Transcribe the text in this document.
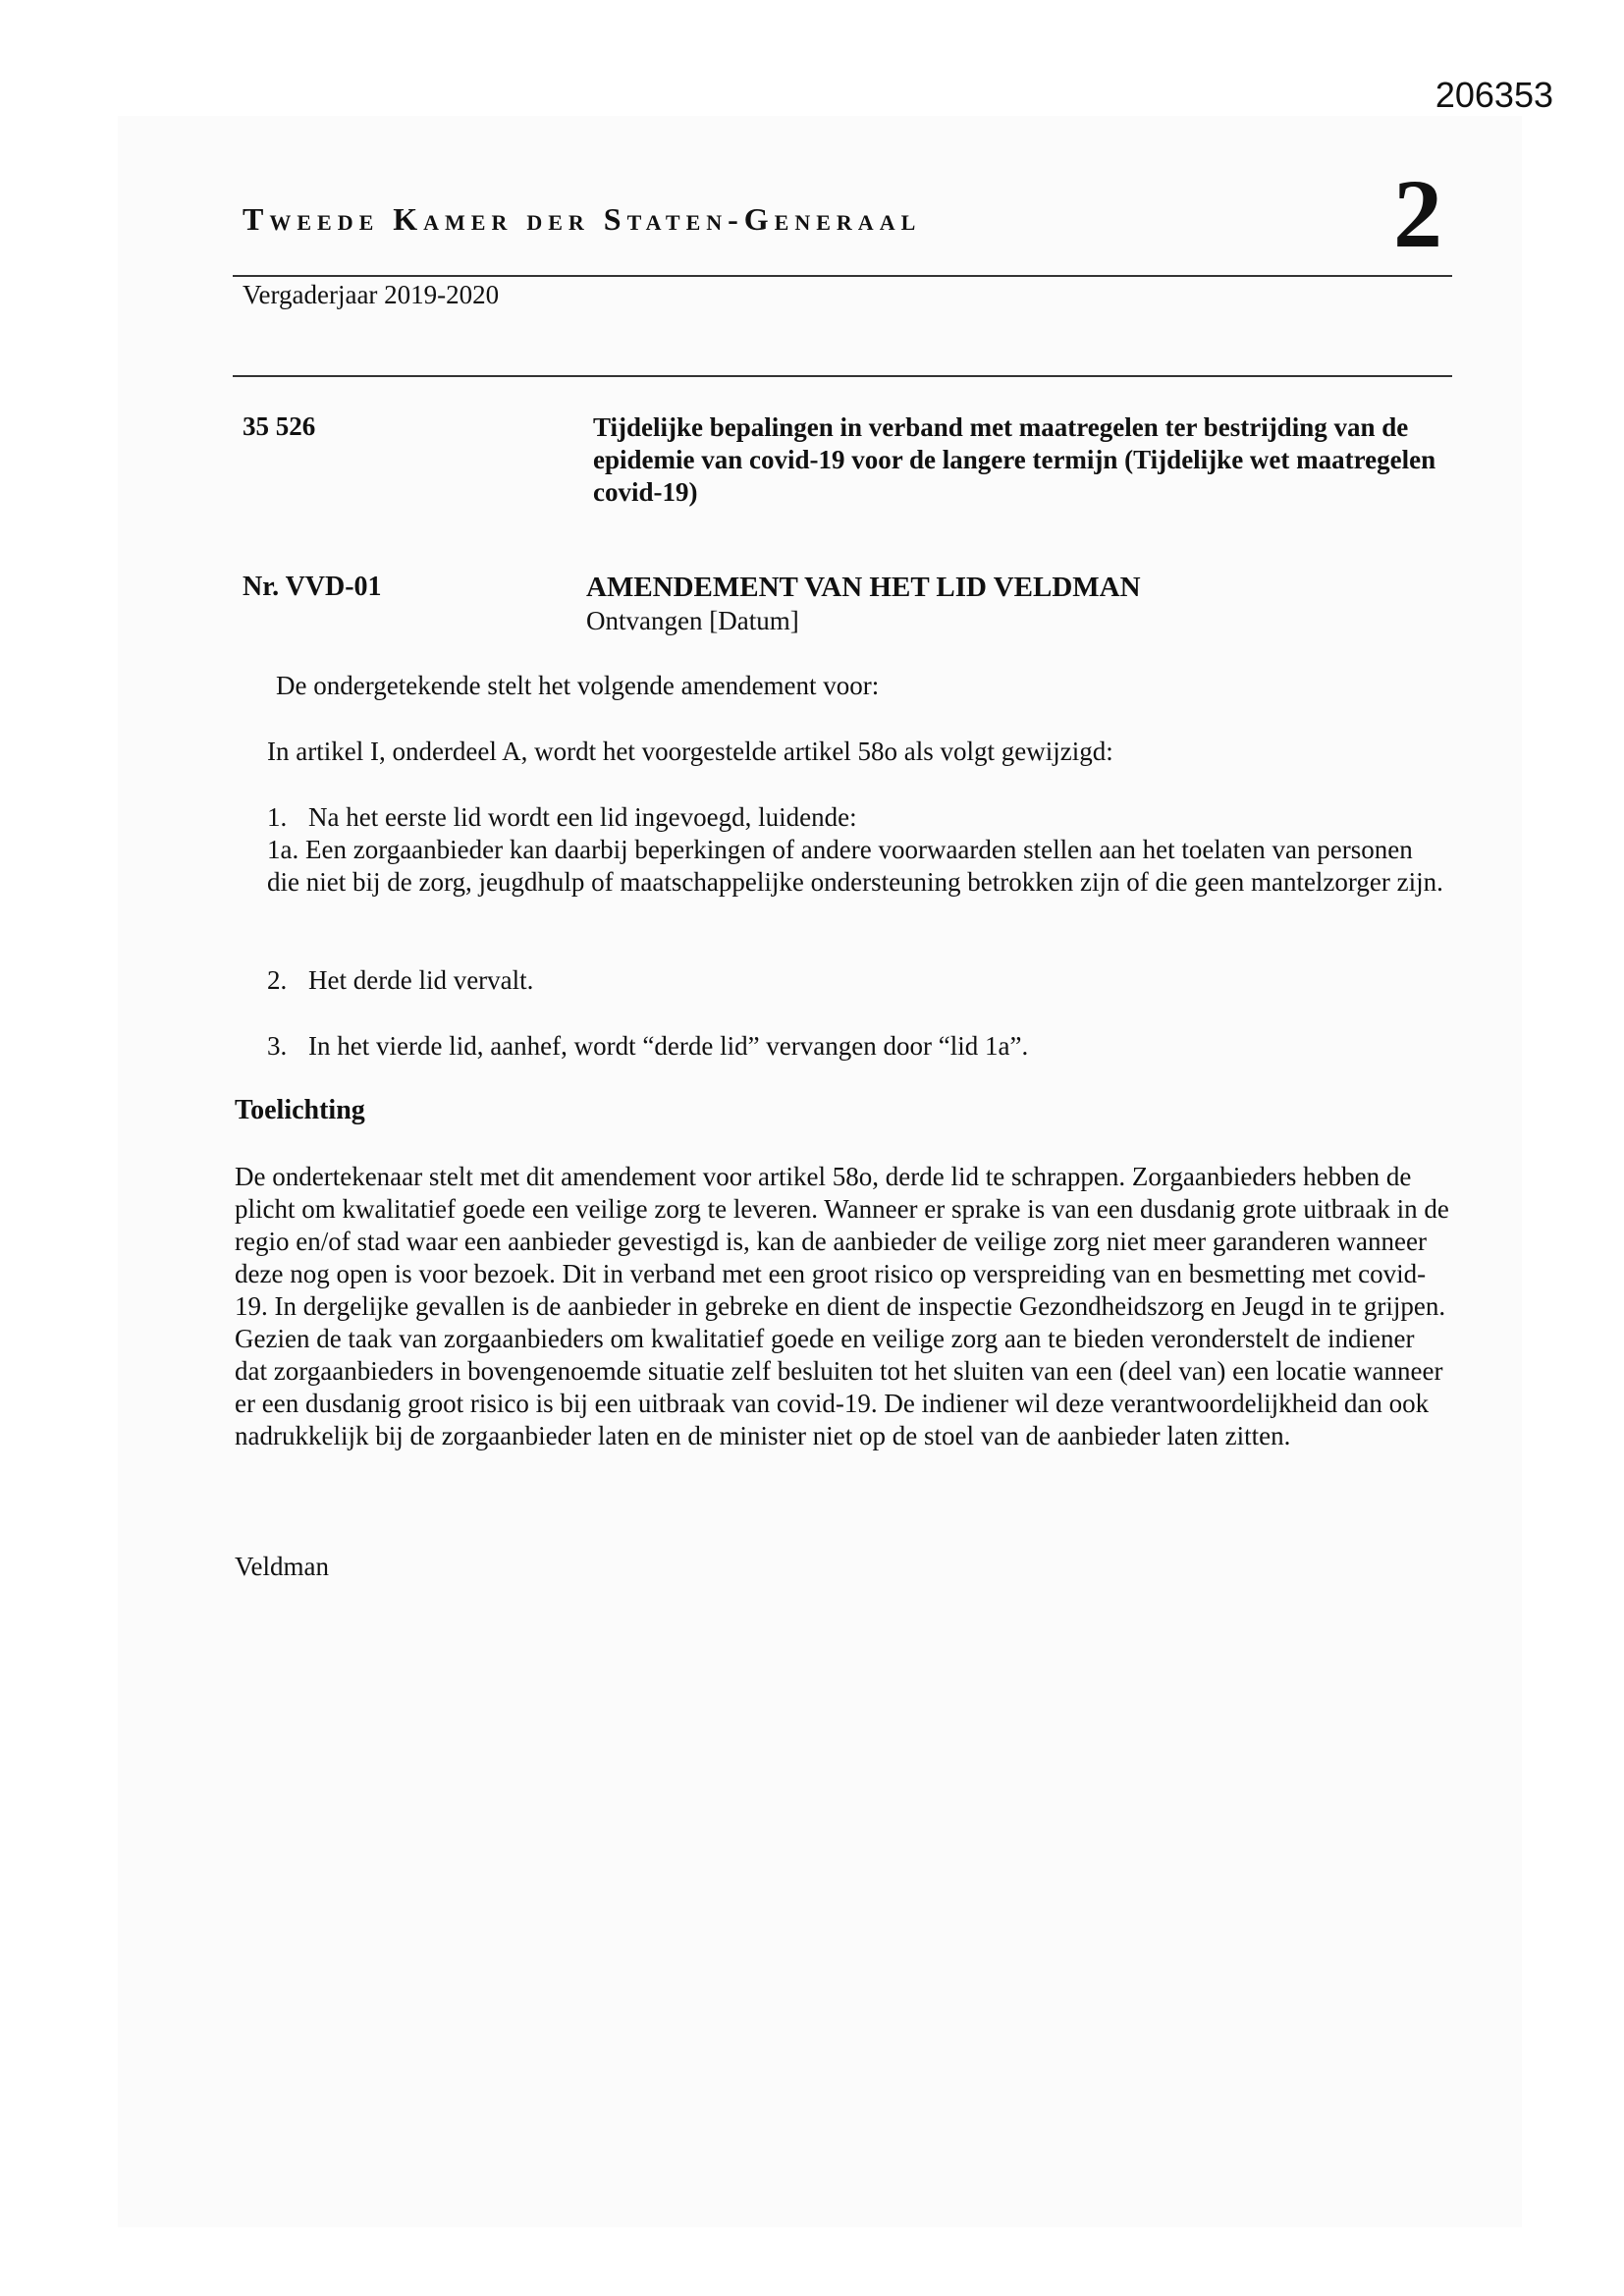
206353
Tweede Kamer der Staten-Generaal	2
Vergaderjaar 2019-2020
35 526	Tijdelijke bepalingen in verband met maatregelen ter bestrijding van de epidemie van covid-19 voor de langere termijn (Tijdelijke wet maatregelen covid-19)
Nr. VVD-01	AMENDEMENT VAN HET LID VELDMAN
Ontvangen [Datum]
De ondergetekende stelt het volgende amendement voor:
In artikel I, onderdeel A, wordt het voorgestelde artikel 58o als volgt gewijzigd:
1. Na het eerste lid wordt een lid ingevoegd, luidende:
1a. Een zorgaanbieder kan daarbij beperkingen of andere voorwaarden stellen aan het toelaten van personen die niet bij de zorg, jeugdhulp of maatschappelijke ondersteuning betrokken zijn of die geen mantelzorger zijn.
2. Het derde lid vervalt.
3. In het vierde lid, aanhef, wordt “derde lid” vervangen door “lid 1a”.
Toelichting

De ondertekenaar stelt met dit amendement voor artikel 58o, derde lid te schrappen. Zorgaanbieders hebben de plicht om kwalitatief goede een veilige zorg te leveren. Wanneer er sprake is van een dusdanig grote uitbraak in de regio en/of stad waar een aanbieder gevestigd is, kan de aanbieder de veilige zorg niet meer garanderen wanneer deze nog open is voor bezoek. Dit in verband met een groot risico op verspreiding van en besmetting met covid-19. In dergelijke gevallen is de aanbieder in gebreke en dient de inspectie Gezondheidszorg en Jeugd in te grijpen. Gezien de taak van zorgaanbieders om kwalitatief goede en veilige zorg aan te bieden veronderstelt de indiener dat zorgaanbieders in bovengenoemde situatie zelf besluiten tot het sluiten van een (deel van) een locatie wanneer er een dusdanig groot risico is bij een uitbraak van covid-19. De indiener wil deze verantwoordelijkheid dan ook nadrukkelijk bij de zorgaanbieder laten en de minister niet op de stoel van de aanbieder laten zitten.

Veldman
